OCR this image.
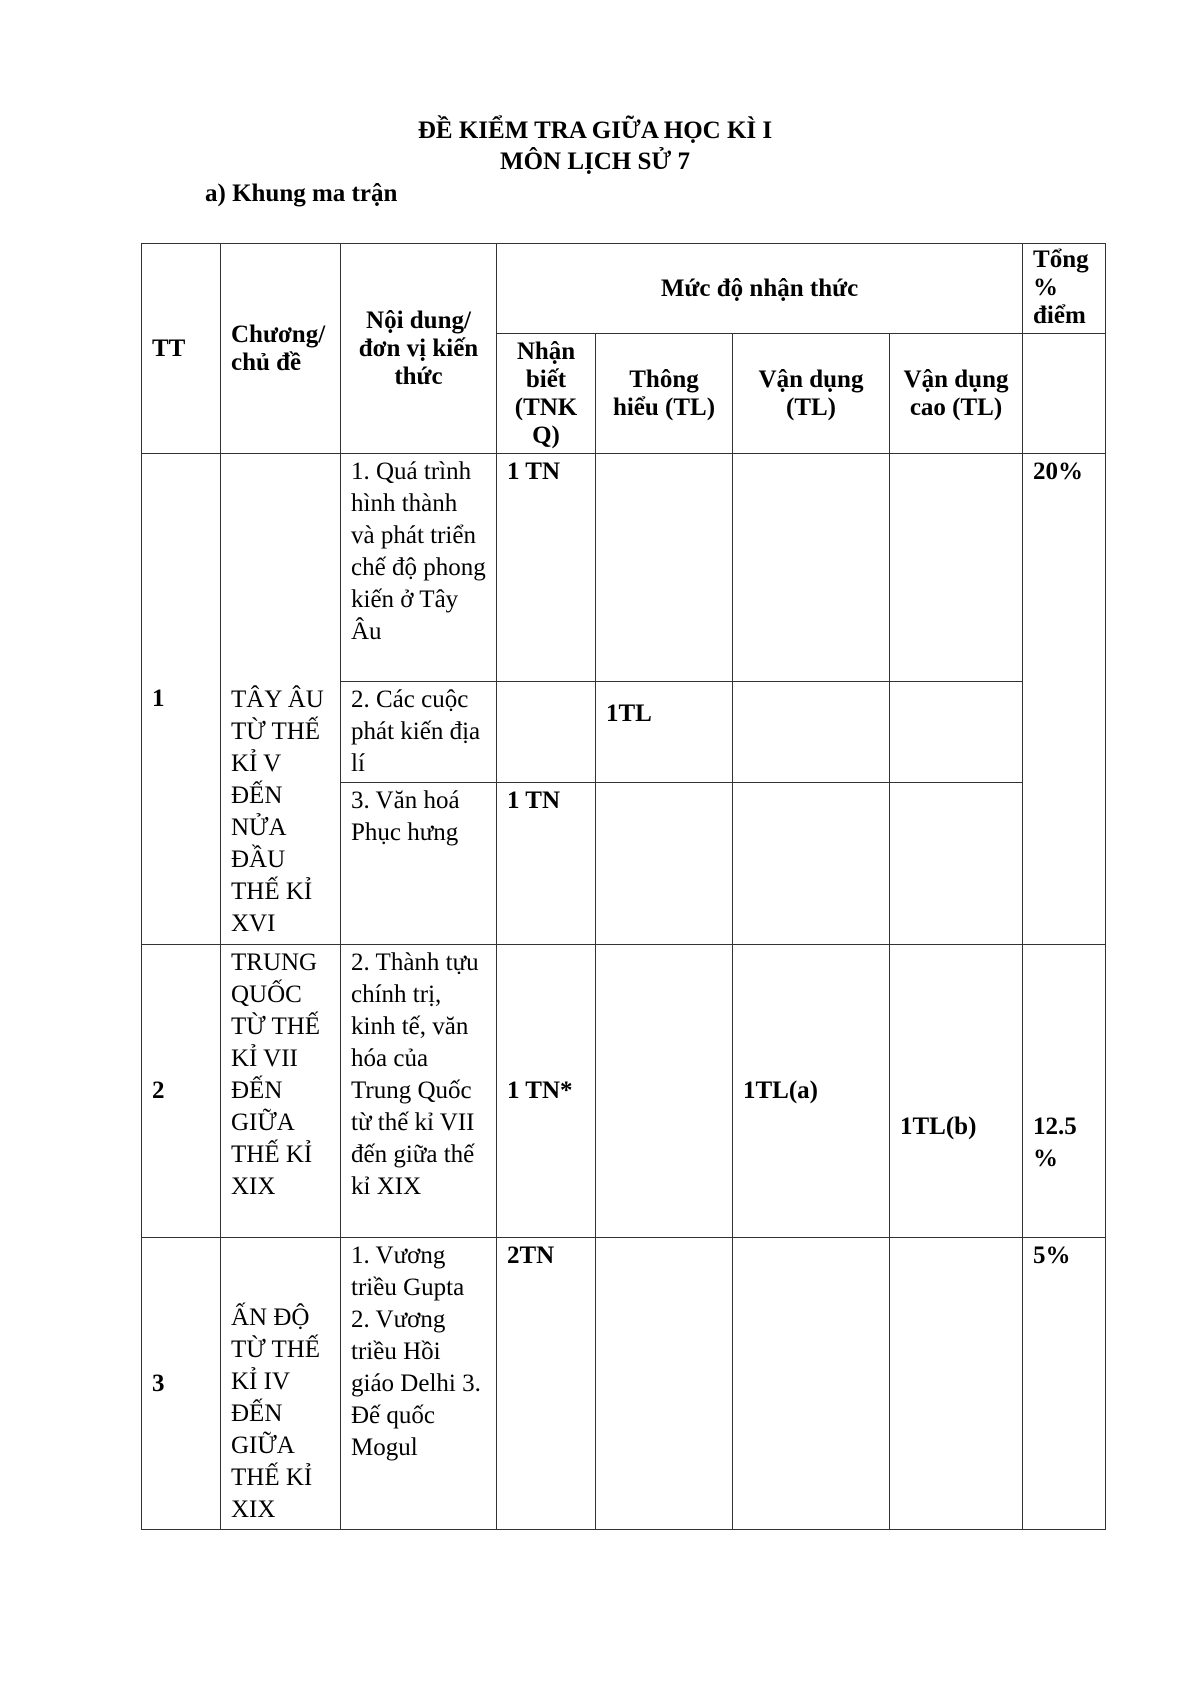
ĐỀ KIỂM TRA GIỮA HỌC KÌ I
MÔN LỊCH SỬ 7
a) Khung ma trận
TT	Chương/ chủ đề	Nội dung/đơn vị kiến thức	Mức độ nhận thức				Tổng % điểm
			Nhận biết (TNK Q)	Thông hiểu (TL)	Vận dụng (TL)	Vận dụng cao (TL)	
1	TÂY ÂU TỪ THẾ KỈ V ĐẾN NỬA ĐẦU THẾ KỈ XVI	1. Quá trình hình thành và phát triển chế độ phong kiến ở Tây Âu	1 TN				20%
		2. Các cuộc phát kiến địa lí		1TL			
		3. Văn hoá Phục hưng	1 TN				
2	TRUNG QUỐC TỪ THẾ KỈ VII ĐẾN GIỮA THẾ KỈ XIX	2. Thành tựu chính trị, kinh tế, văn hóa của Trung Quốc từ thế kỉ VII đến giữa thế kỉ XIX	1 TN*		1TL(a)	1TL(b)	12.5 %
3	ẤN ĐỘ TỪ THẾ KỈ IV ĐẾN GIỮA THẾ KỈ XIX	1. Vương triều Gupta 2. Vương triều Hồi giáo Delhi 3. Đế quốc Mogul	2TN				5%
